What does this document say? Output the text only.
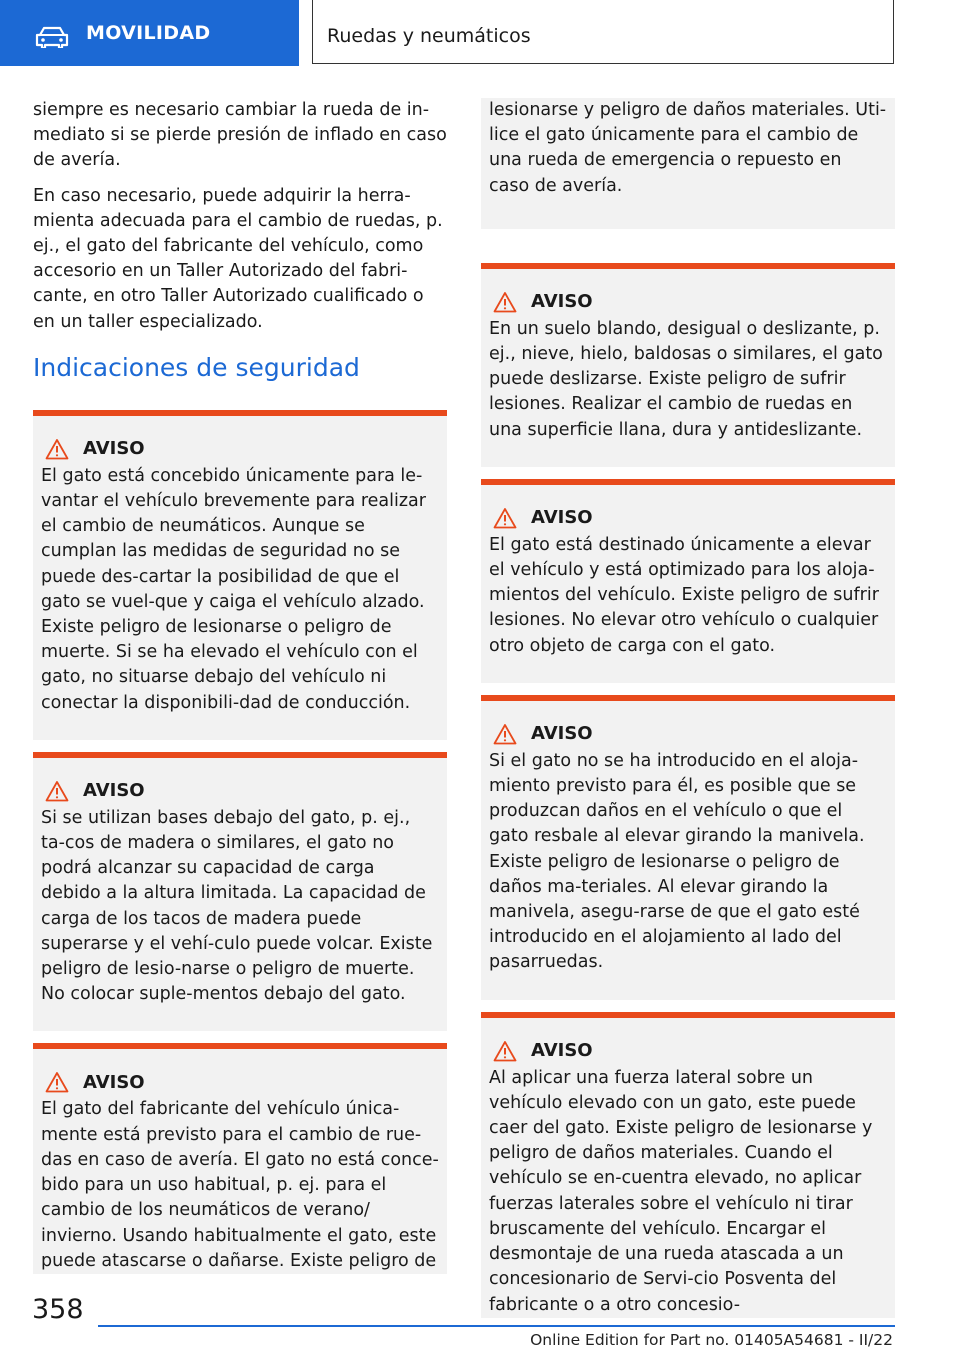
MOVILIDAD	Ruedas y neumáticos

siempre es necesario cambiar la rueda de in-mediato si se pierde presión de inflado en caso de avería.

En caso necesario, puede adquirir la herra-mienta adecuada para el cambio de ruedas, p. ej., el gato del fabricante del vehículo, como accesorio en un Taller Autorizado del fabri-cante, en otro Taller Autorizado cualificado o en un taller especializado.

Indicaciones de seguridad
AVISO

El gato está concebido únicamente para le-vantar el vehículo brevemente para realizar el cambio de neumáticos. Aunque se cumplan las medidas de seguridad no se puede des-cartar la posibilidad de que el gato se vuel-que y caiga el vehículo alzado. Existe peligro de lesionarse o peligro de muerte. Si se ha elevado el vehículo con el gato, no situarse debajo del vehículo ni conectar la disponibili-dad de conducción.

AVISO

Si se utilizan bases debajo del gato, p. ej., ta-cos de madera o similares, el gato no podrá alcanzar su capacidad de carga debido a la altura limitada. La capacidad de carga de los tacos de madera puede superarse y el vehí-culo puede volcar. Existe peligro de lesio-narse o peligro de muerte. No colocar suple-mentos debajo del gato.

AVISO

El gato del fabricante del vehículo única-mente está previsto para el cambio de rue-das en caso de avería. El gato no está conce-bido para un uso habitual, p. ej. para el cambio de los neumáticos de verano/ invierno. Usando habitualmente el gato, este puede atascarse o dañarse. Existe peligro de

lesionarse y peligro de daños materiales. Uti-lice el gato únicamente para el cambio de una rueda de emergencia o repuesto en caso de avería.

AVISO

En un suelo blando, desigual o deslizante, p. ej., nieve, hielo, baldosas o similares, el gato puede deslizarse. Existe peligro de sufrir lesiones. Realizar el cambio de ruedas en una superficie llana, dura y antideslizante.

AVISO

El gato está destinado únicamente a elevar el vehículo y está optimizado para los aloja-mientos del vehículo. Existe peligro de sufrir lesiones. No elevar otro vehículo o cualquier otro objeto de carga con el gato.

AVISO

Si el gato no se ha introducido en el aloja-miento previsto para él, es posible que se produzcan daños en el vehículo o que el gato resbale al elevar girando la manivela. Existe peligro de lesionarse o peligro de daños ma-teriales. Al elevar girando la manivela, asegu-rarse de que el gato esté introducido en el alojamiento al lado del pasarruedas.

AVISO

Al aplicar una fuerza lateral sobre un vehículo elevado con un gato, este puede caer del gato. Existe peligro de lesionarse y peligro de daños materiales. Cuando el vehículo se en-cuentra elevado, no aplicar fuerzas laterales sobre el vehículo ni tirar bruscamente del vehículo. Encargar el desmontaje de una rueda atascada a un concesionario de Servi-cio Posventa del fabricante o a otro concesio-

358
Online Edition for Part no. 01405A54681 - II/22
